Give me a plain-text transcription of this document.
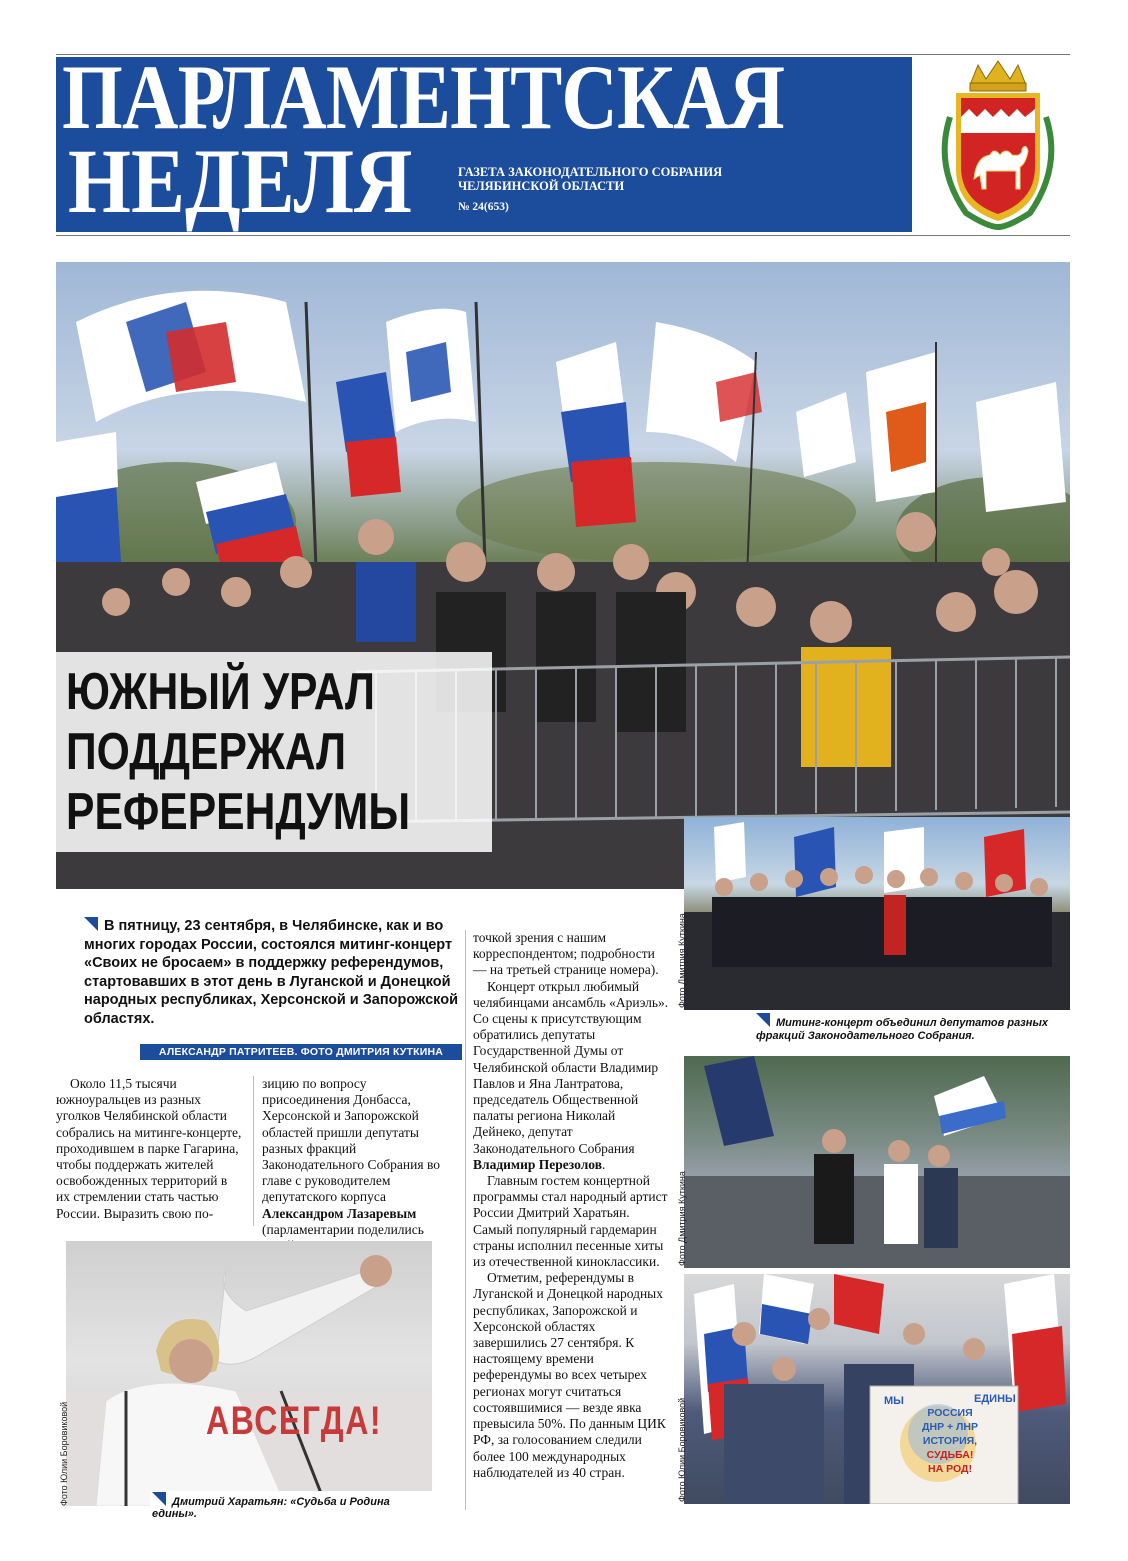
ПАРЛАМЕНТСКАЯ
НЕДЕЛЯ	ГАЗЕТА ЗАКОНОДАТЕЛЬНОГО СОБРАНИЯ
ЧЕЛЯБИНСКОЙ ОБЛАСТИ
№ 24(653)
ЮЖНЫЙ УРАЛ
ПОДДЕРЖАЛ
РЕФЕРЕНДУМЫ
Фото Дмитрия Куткина
Митинг-концерт объединил депутатов разных фракций Законодательного Собрания.
Фото Дмитрия Куткина
МЫ	ЕДИНЫ
РОССИЯ
ДНР + ЛНР
ИСТОРИЯ,
СУДЬБА!
НА РОД!
Фото Юлии Боровиковой
В пятницу, 23 сентября, в Челябинске, как и во многих городах России, состоялся митинг-концерт «Своих не бросаем» в поддержку референдумов, стартовавших в этот день в Луганской и Донецкой народных республиках, Херсонской и Запорожской областях.
АЛЕКСАНДР ПАТРИТЕЕВ. ФОТО ДМИТРИЯ КУТКИНА

Около 11,5 тысячи южноуральцев из разных уголков Челябинской области собрались на митинге-концерте, проходившем в парке Гагарина, чтобы поддержать жителей освобожденных территорий в их стремлении стать частью России. Выразить свою по-

зицию по вопросу присоединения Донбасса, Херсонской и Запорожской областей пришли депутаты разных фракций Законодательного Собрания во главе с руководителем депутатского корпуса Александром Лазаревым (парламентарии поделились

точкой зрения с нашим корреспондентом; подробности — на третьей странице номера).

Концерт открыл любимый челябинцами ансамбль «Ариэль». Со сцены к присутствующим обратились депутаты Государственной Думы от Челябинской области Владимир Павлов и Яна Лантратова, председатель Общественной палаты региона Николай Дейнеко, депутат Законодательного Собрания Владимир Перезолов.

Главным гостем концертной программы стал народный артист России Дмитрий Харатьян. Самый популярный гардемарин страны исполнил песенные хиты из отечественной киноклассики.

Отметим, референдумы в Луганской и Донецкой народных республиках, Запорожской и Херсонской областях завершились 27 сентября. К настоящему времени референдумы во всех четырех регионах могут считаться состоявшимися — везде явка превысила 50%. По данным ЦИК РФ, за голосованием следили более 100 международных наблюдателей из 40 стран.

АВСЕГДА!
Фото Юлии Боровиковой	Дмитрий Харатьян: «Судьба и Родина едины».
